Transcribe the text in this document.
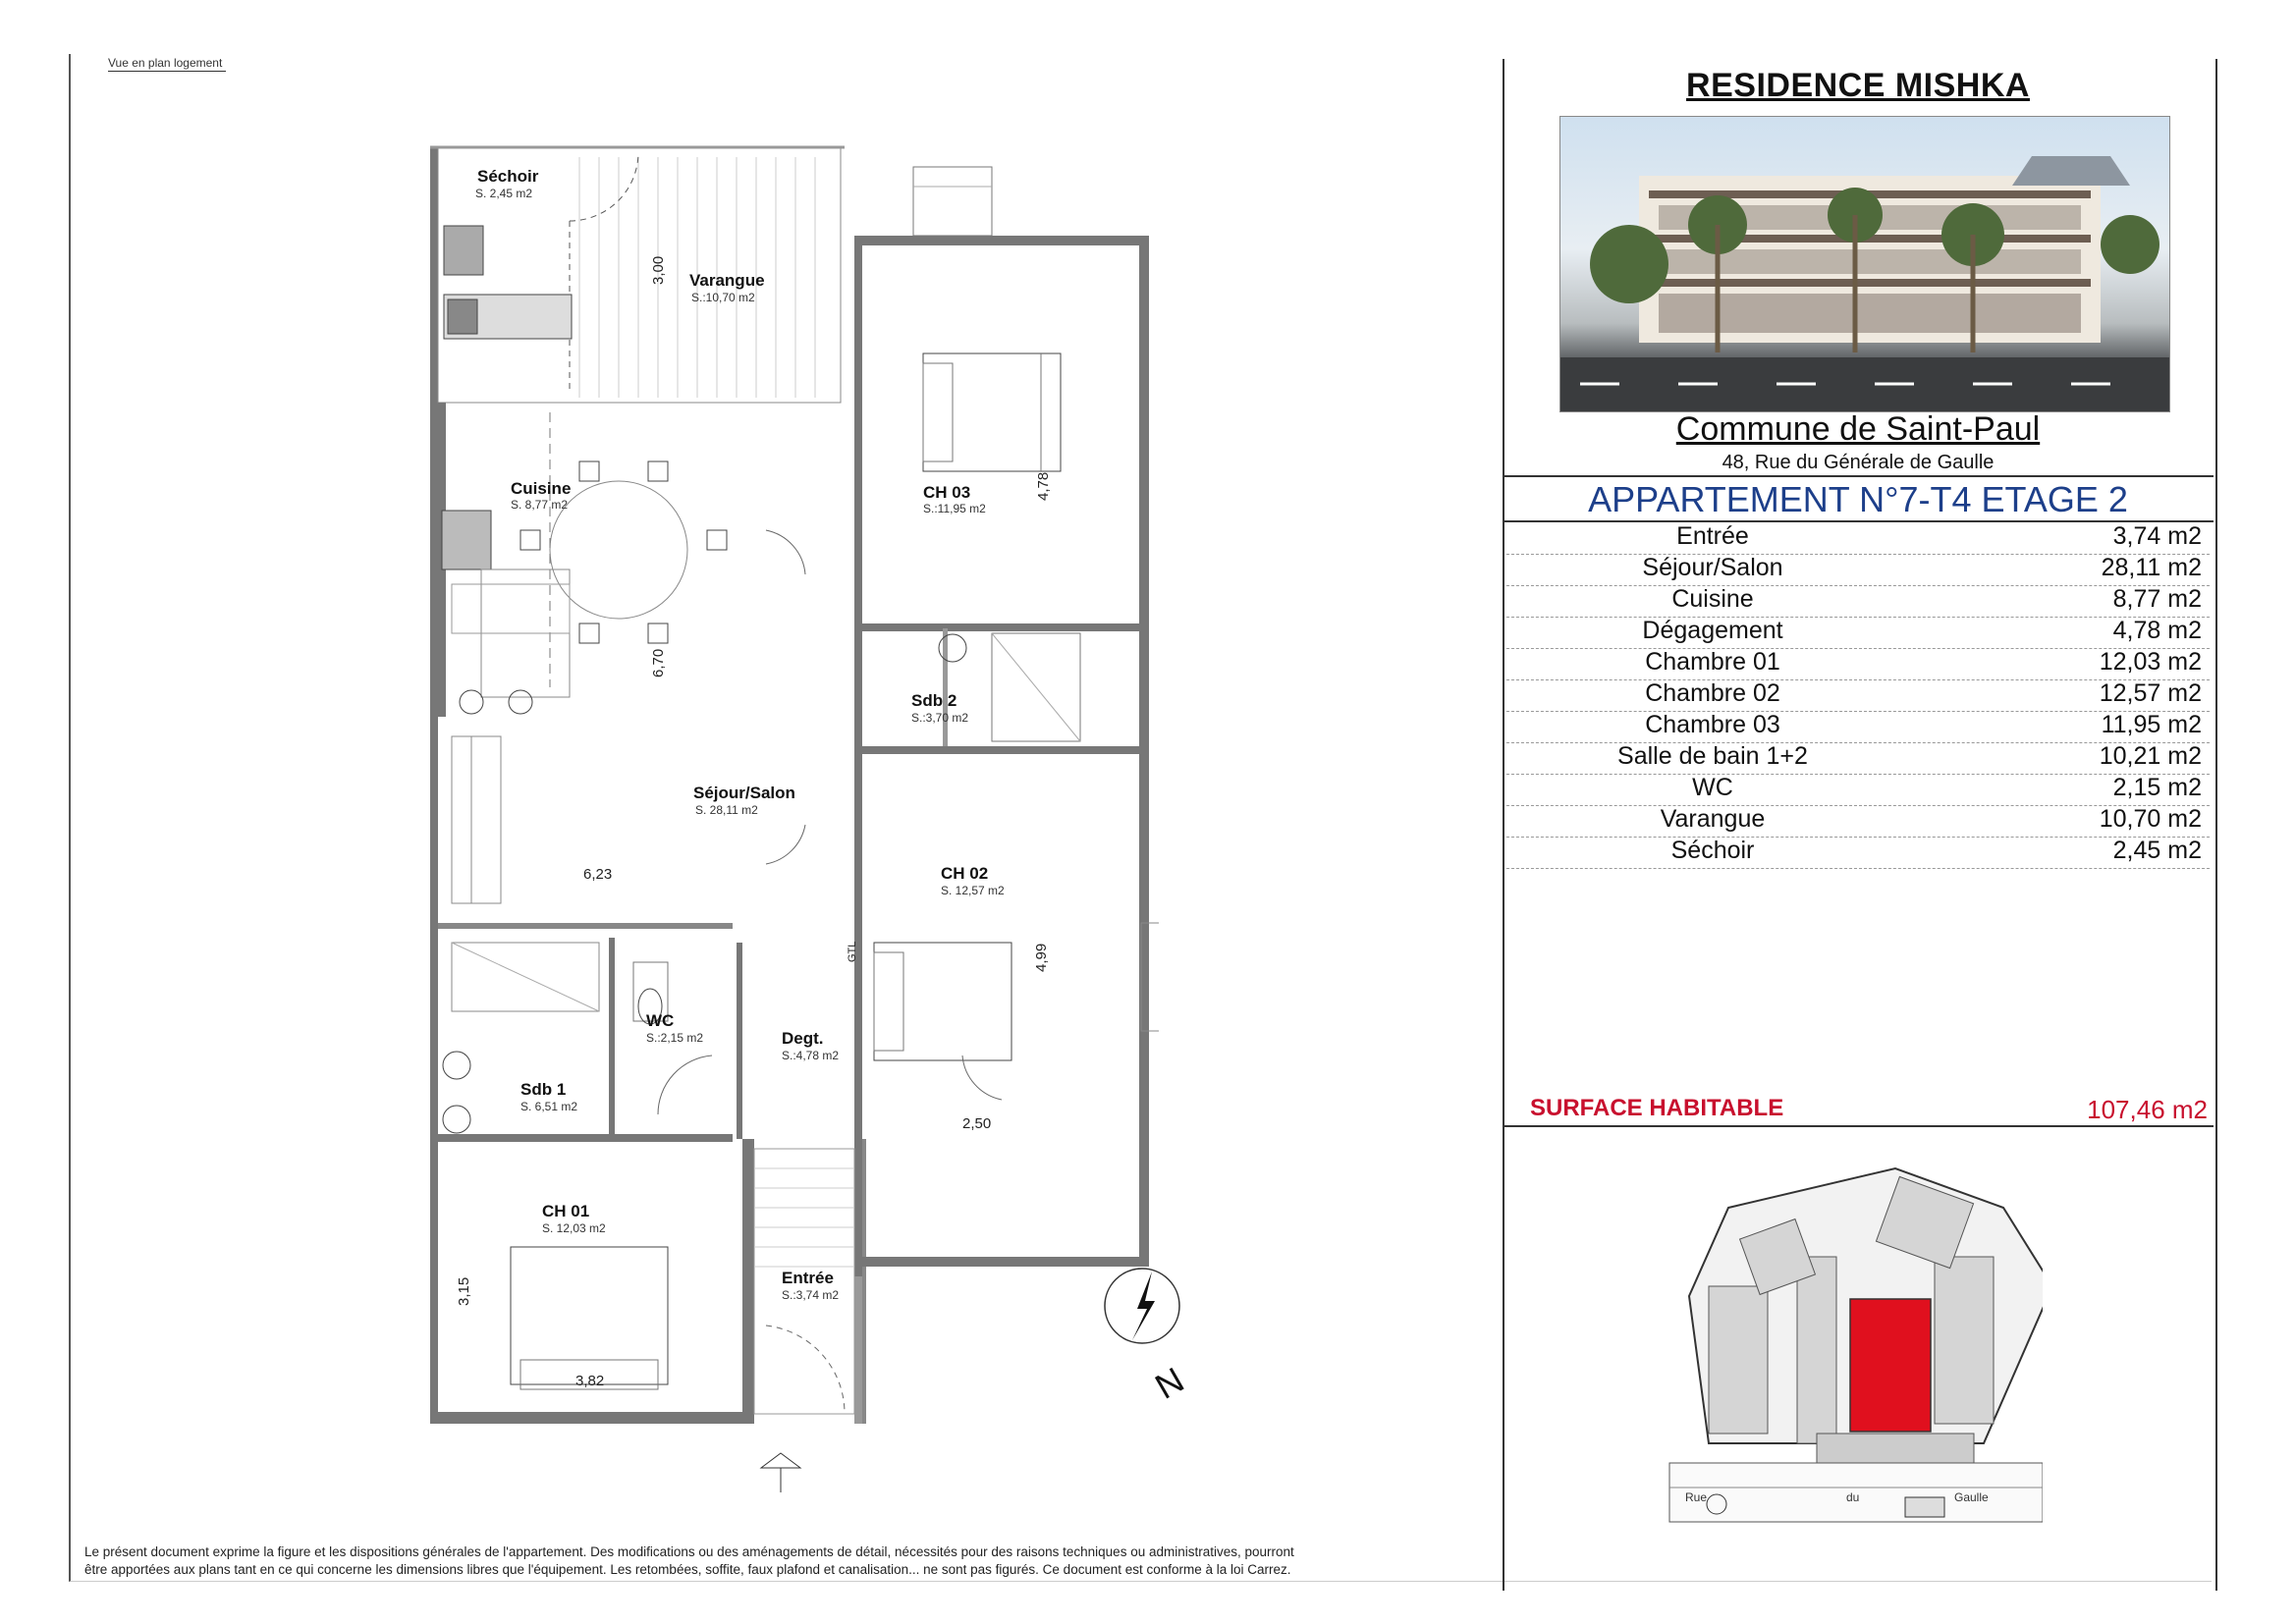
Vue en plan logement
Séchoir
S. 2,45 m2
Varangue
S.:10,70 m2
Cuisine
S. 8,77 m2
CH 03
S.:11,95 m2
Sdb 2
S.:3,70 m2
Séjour/Salon
S. 28,11 m2
CH 02
S. 12,57 m2
WC
S.:2,15 m2	Degt.
S.:4,78 m2
Sdb 1
S. 6,51 m2
CH 01
S. 12,03 m2
Entrée
S.:3,74 m2
3,00
4,78
6,70
6,23
4,99
2,50
3,15
3,82
GTL
N
RESIDENCE MISHKA
Commune de Saint-Paul
48, Rue du Générale de Gaulle
APPARTEMENT N°7-T4 ETAGE 2
Entrée	3,74 m2
Séjour/Salon	28,11 m2
Cuisine	8,77 m2
Dégagement	4,78 m2
Chambre 01	12,03 m2
Chambre 02	12,57 m2
Chambre 03	11,95 m2
Salle de bain 1+2	10,21 m2
WC	2,15 m2
Varangue	10,70 m2
Séchoir	2,45 m2
SURFACE HABITABLE	107,46 m2
Rue	du	Gaulle
Le présent document exprime la figure et les dispositions générales de l'appartement. Des modifications ou des aménagements de détail, nécessités pour des raisons techniques ou administratives, pourront
être apportées aux plans tant en ce qui concerne les dimensions libres que l'équipement. Les retombées, soffite, faux plafond et canalisation... ne sont pas figurés. Ce document est conforme à la loi Carrez.
